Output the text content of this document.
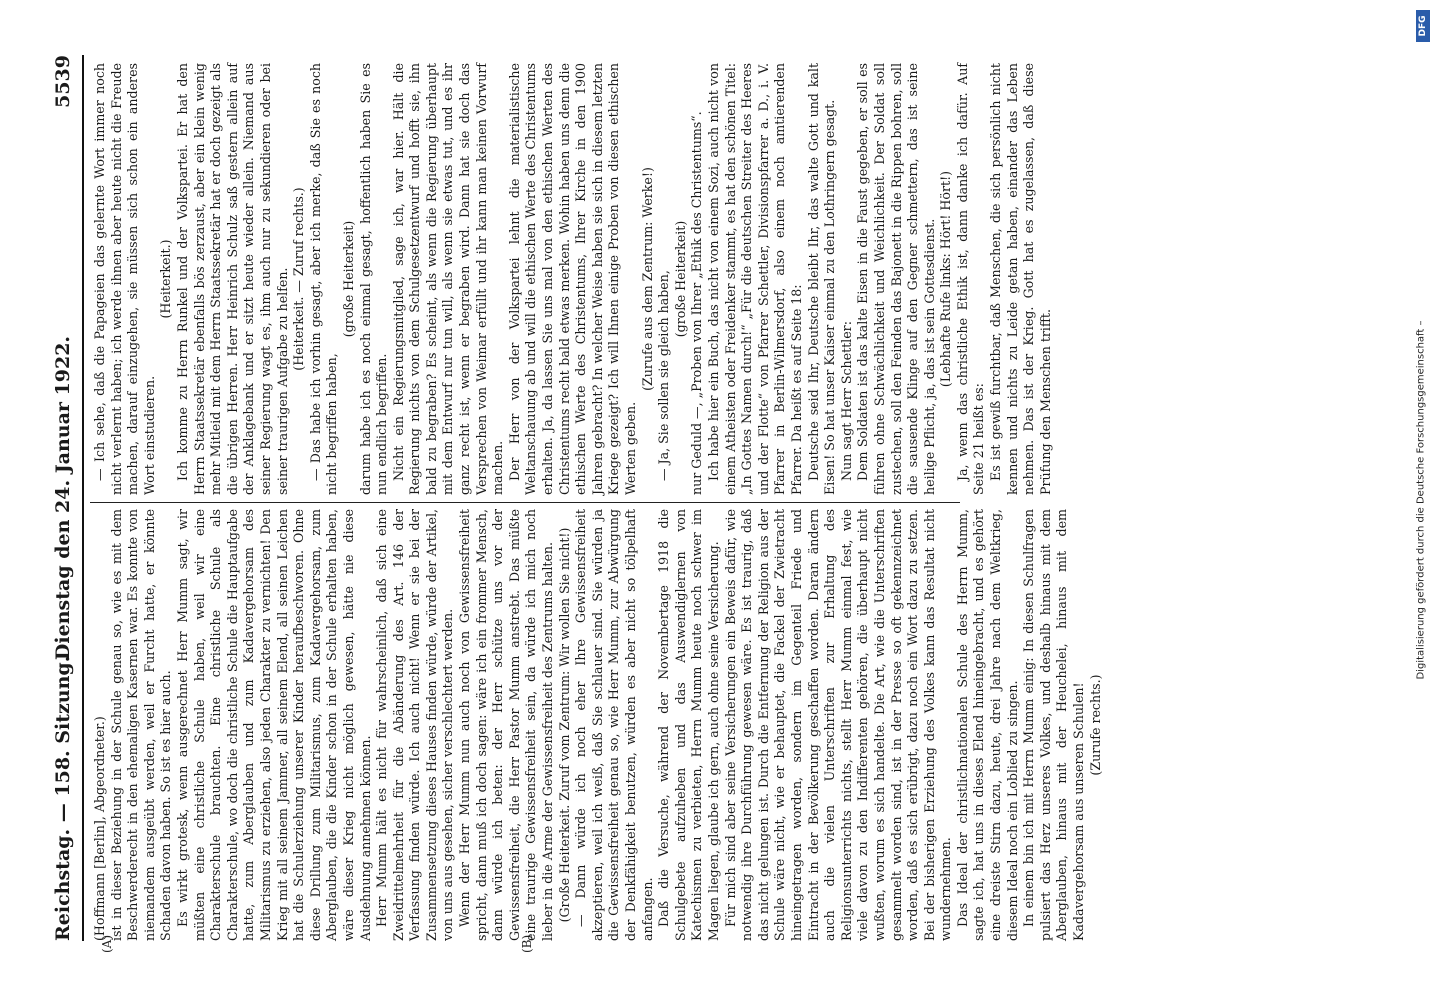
Reichstag. — 158. Sitzung.
Dienstag den 24. Januar 1922.
5539
(A)	(B)

(Hoffmann [Berlin], Abgeordneter.) ist in dieser Beziehung in der Schule genau so, wie es mit dem Beschwerderecht in den ehemaligen Kasernen war. Es konnte von niemandem ausgeübt werden, weil er Furcht hatte, er könnte Schaden davon haben. So ist es hier auch. Es wirkt grotesk, wenn ausgerechnet Herr Mumm sagt, wir müßten eine christliche Schule haben, weil wir eine Charakterschule brauchten. Eine christliche Schule als Charakterschule, wo doch die christliche Schule die Hauptaufgabe hatte, zum Aberglauben und zum Kadavergehorsam des Militarismus zu erziehen, also jeden Charakter zu vernichten! Den Krieg mit all seinem Jammer, all seinem Elend, all seinen Leichen hat die Schulerziehung unserer Kinder heraufbeschworen. Ohne diese Drillung zum Militarismus, zum Kadavergehorsam, zum Aberglauben, die die Kinder schon in der Schule erhalten haben, wäre dieser Krieg nicht möglich gewesen, hätte nie diese Ausdehnung annehmen können. Herr Mumm hält es nicht für wahrscheinlich, daß sich eine Zweidrittelmehrheit für die Abänderung des Art. 146 der Verfassung finden würde. Ich auch nicht! Wenn er sie bei der Zusammensetzung dieses Hauses finden würde, würde der Artikel, von uns aus gesehen, sicher verschlechtert werden. Wenn der Herr Mumm nun auch noch von Gewissensfreiheit spricht, dann muß ich doch sagen: wäre ich ein frommer Mensch, dann würde ich beten: der Herr schütze uns vor der Gewissensfreiheit, die Herr Pastor Mumm anstrebt. Das müßte eine traurige Gewissensfreiheit sein, da würde ich mich noch lieber in die Arme der Gewissensfreiheit des Zentrums halten. (Große Heiterkeit. Zuruf vom Zentrum: Wir wollen Sie nicht!) — Dann würde ich noch eher Ihre Gewissensfreiheit akzeptieren, weil ich weiß, daß Sie schlauer sind. Sie würden ja die Gewissensfreiheit genau so, wie Herr Mumm, zur Abwürgung der Denkfähigkeit benutzen, würden es aber nicht so tölpelhaft anfangen. Daß die Versuche, während der Novembertage 1918 die Schulgebete aufzuheben und das Auswendiglernen von Katechismen zu verbieten, Herrn Mumm heute noch schwer im Magen liegen, glaube ich gern, auch ohne seine Versicherung. Für mich sind aber seine Versicherungen ein Beweis dafür, wie notwendig ihre Durchführung gewesen wäre. Es ist traurig, daß das nicht gelungen ist. Durch die Entfernung der Religion aus der Schule wäre nicht, wie er behauptet, die Fackel der Zwietracht hineingetragen worden, sondern im Gegenteil Friede und Eintracht in der Bevölkerung geschaffen worden. Daran ändern auch die vielen Unterschriften zur Erhaltung des Religionsunterrichts nichts, stellt Herr Mumm einmal fest, wie viele davon zu den Indifferenten gehören, die überhaupt nicht wußten, worum es sich handelte. Die Art, wie die Unterschriften gesammelt worden sind, ist in der Presse so oft gekennzeichnet worden, daß es sich erübrigt, dazu noch ein Wort dazu zu setzen. Bei der bisherigen Erziehung des Volkes kann das Resultat nicht wundernehmen. Das Ideal der christlichnationalen Schule des Herrn Mumm, sagte ich, hat uns in dieses Elend hineingebracht, und es gehört eine dreiste Stirn dazu, heute, drei Jahre nach dem Weltkrieg, diesem Ideal noch ein Loblied zu singen. In einem bin ich mit Herrn Mumm einig: In diesen Schulfragen pulsiert das Herz unseres Volkes, und deshalb hinaus mit dem Aberglauben, hinaus mit der Heuchelei, hinaus mit dem Kadavergehorsam aus unseren Schulen! (Zurufe rechts.)

— Ich sehe, daß die Papageien das gelernte Wort immer noch nicht verlernt haben; ich werde ihnen aber heute nicht die Freude machen, darauf einzugehen, sie müssen sich schon ein anderes Wort einstudieren.

(Heiterkeit.) Ich komme zu Herrn Runkel und der Volkspartei. Er hat den Herrn Staatssekretär ebenfalls bös zerzaust, aber ein klein wenig mehr Mitleid mit dem Herrn Staatssekretär hat er doch gezeigt als die übrigen Herren. Herr Heinrich Schulz saß gestern allein auf der Anklagebank und er sitzt heute wieder allein. Niemand aus seiner Regierung wagt es, ihm auch nur zu sekundieren oder bei seiner traurigen Aufgabe zu helfen. (Heiterkeit. — Zuruf rechts.) — Das habe ich vorhin gesagt, aber ich merke, daß Sie es noch nicht begriffen haben,

(große Heiterkeit) darum habe ich es noch einmal gesagt, hoffentlich haben Sie es nun endlich begriffen. Nicht ein Regierungsmitglied, sage ich, war hier. Hält die Regierung nichts von dem Schulgesetzentwurf und hofft sie, ihn bald zu begraben? Es scheint, als wenn die Regierung überhaupt mit dem Entwurf nur tun will, als wenn sie etwas tut, und es ihr ganz recht ist, wenn er begraben wird. Dann hat sie doch das Versprechen von Weimar erfüllt und ihr kann man keinen Vorwurf machen. Der Herr von der Volkspartei lehnt die materialistische Weltanschauung ab und will die ethischen Werte des Christentums erhalten. Ja, da lassen Sie uns mal von den ethischen Werten des Christentums recht bald etwas merken. Wohin haben uns denn die ethischen Werte des Christentums, Ihrer Kirche in den 1900 Jahren gebracht? In welcher Weise haben sie sich in diesem letzten Kriege gezeigt? Ich will Ihnen einige Proben von diesen ethischen Werten geben.

(Zurufe aus dem Zentrum: Werke!) — Ja, Sie sollen sie gleich haben, (große Heiterkeit) nur Geduld —, „Proben von Ihrer „Ethik des Christentums“. Ich habe hier ein Buch, das nicht von einem Sozi, auch nicht von einem Atheisten oder Freidenker stammt, es hat den schönen Titel: „In Gottes Namen durch!“ „Für die deutschen Streiter des Heeres und der Flotte“ von Pfarrer Schettler, Divisionspfarrer a. D., i. V. Pfarrer in Berlin-Wilmersdorf, also einem noch amtierenden Pfarrer. Da heißt es auf Seite 18: Deutsche seid Ihr, Deutsche bleibt Ihr, das walte Gott und kalt Eisen! So hat unser Kaiser einmal zu den Lothringern gesagt. Nun sagt Herr Schettler: Dem Soldaten ist das kalte Eisen in die Faust gegeben, er soll es führen ohne Schwächlichkeit und Weichlichkeit. Der Soldat soll zustechen, soll den Feinden das Bajonett in die Rippen bohren, soll die sausende Klinge auf den Gegner schmettern, das ist seine heilige Pflicht, ja, das ist sein Gottesdienst. (Lebhafte Rufe links: Hört! Hört!) Ja, wenn das christliche Ethik ist, dann danke ich dafür. Auf Seite 21 heißt es: Es ist gewiß furchtbar, daß Menschen, die sich persönlich nicht kennen und nichts zu Leide getan haben, einander das Leben nehmen. Das ist der Krieg. Gott hat es zugelassen, daß diese Prüfung den Menschen trifft.	Digitalisierung gefördert durch die Deutsche Forschungsgemeinschaft –
DFG
